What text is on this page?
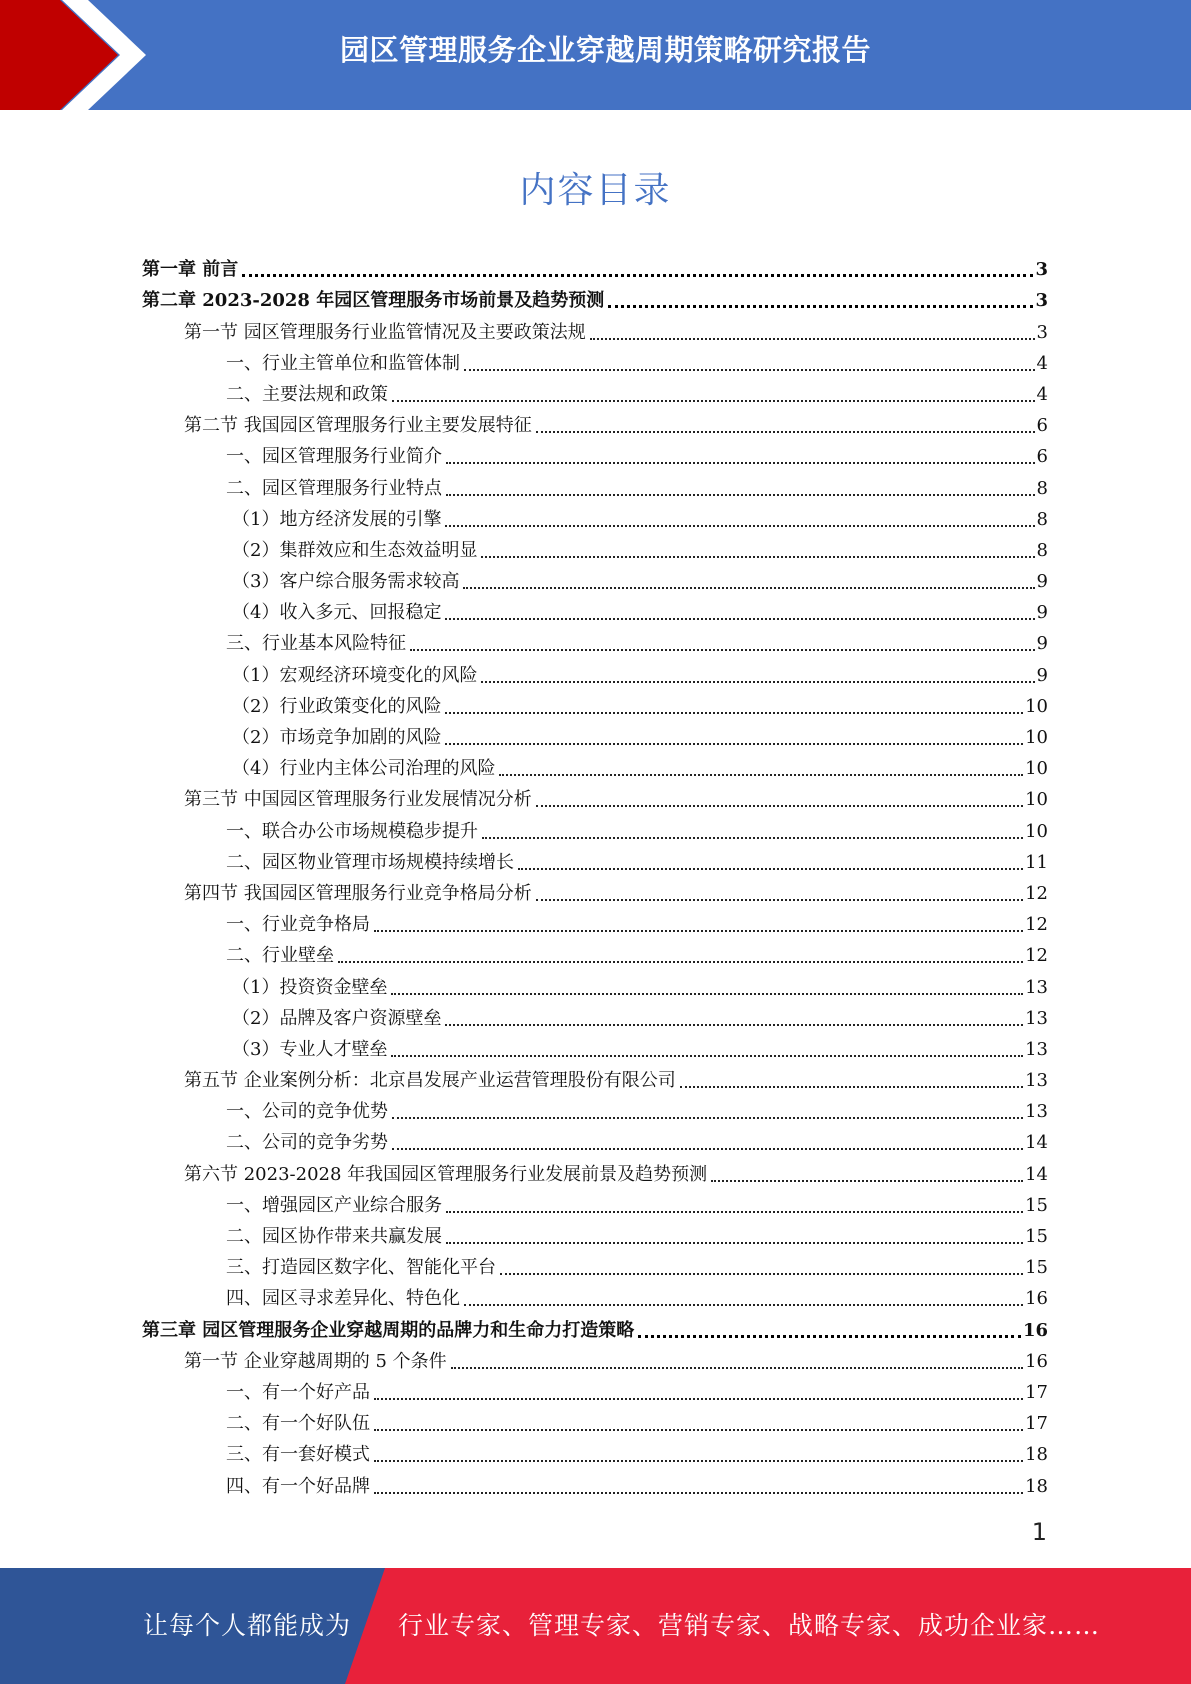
园区管理服务企业穿越周期策略研究报告
内容目录
第一章 前言	3
第二章 2023-2028 年园区管理服务市场前景及趋势预测	3
第一节 园区管理服务行业监管情况及主要政策法规	3
一、行业主管单位和监管体制	4
二、主要法规和政策	4
第二节 我国园区管理服务行业主要发展特征	6
一、园区管理服务行业简介	6
二、园区管理服务行业特点	8
（1）地方经济发展的引擎	8
（2）集群效应和生态效益明显	8
（3）客户综合服务需求较高	9
（4）收入多元、回报稳定	9
三、行业基本风险特征	9
（1）宏观经济环境变化的风险	9
（2）行业政策变化的风险	10
（2）市场竞争加剧的风险	10
（4）行业内主体公司治理的风险	10
第三节 中国园区管理服务行业发展情况分析	10
一、联合办公市场规模稳步提升	10
二、园区物业管理市场规模持续增长	11
第四节 我国园区管理服务行业竞争格局分析	12
一、行业竞争格局	12
二、行业壁垒	12
（1）投资资金壁垒	13
（2）品牌及客户资源壁垒	13
（3）专业人才壁垒	13
第五节 企业案例分析：北京昌发展产业运营管理股份有限公司	13
一、公司的竞争优势	13
二、公司的竞争劣势	14
第六节 2023-2028 年我国园区管理服务行业发展前景及趋势预测	14
一、增强园区产业综合服务	15
二、园区协作带来共赢发展	15
三、打造园区数字化、智能化平台	15
四、园区寻求差异化、特色化	16
第三章 园区管理服务企业穿越周期的品牌力和生命力打造策略	16
第一节 企业穿越周期的 5 个条件	16
一、有一个好产品	17
二、有一个好队伍	17
三、有一套好模式	18
四、有一个好品牌	18
1
让每个人都能成为 行业专家、管理专家、营销专家、战略专家、成功企业家……
